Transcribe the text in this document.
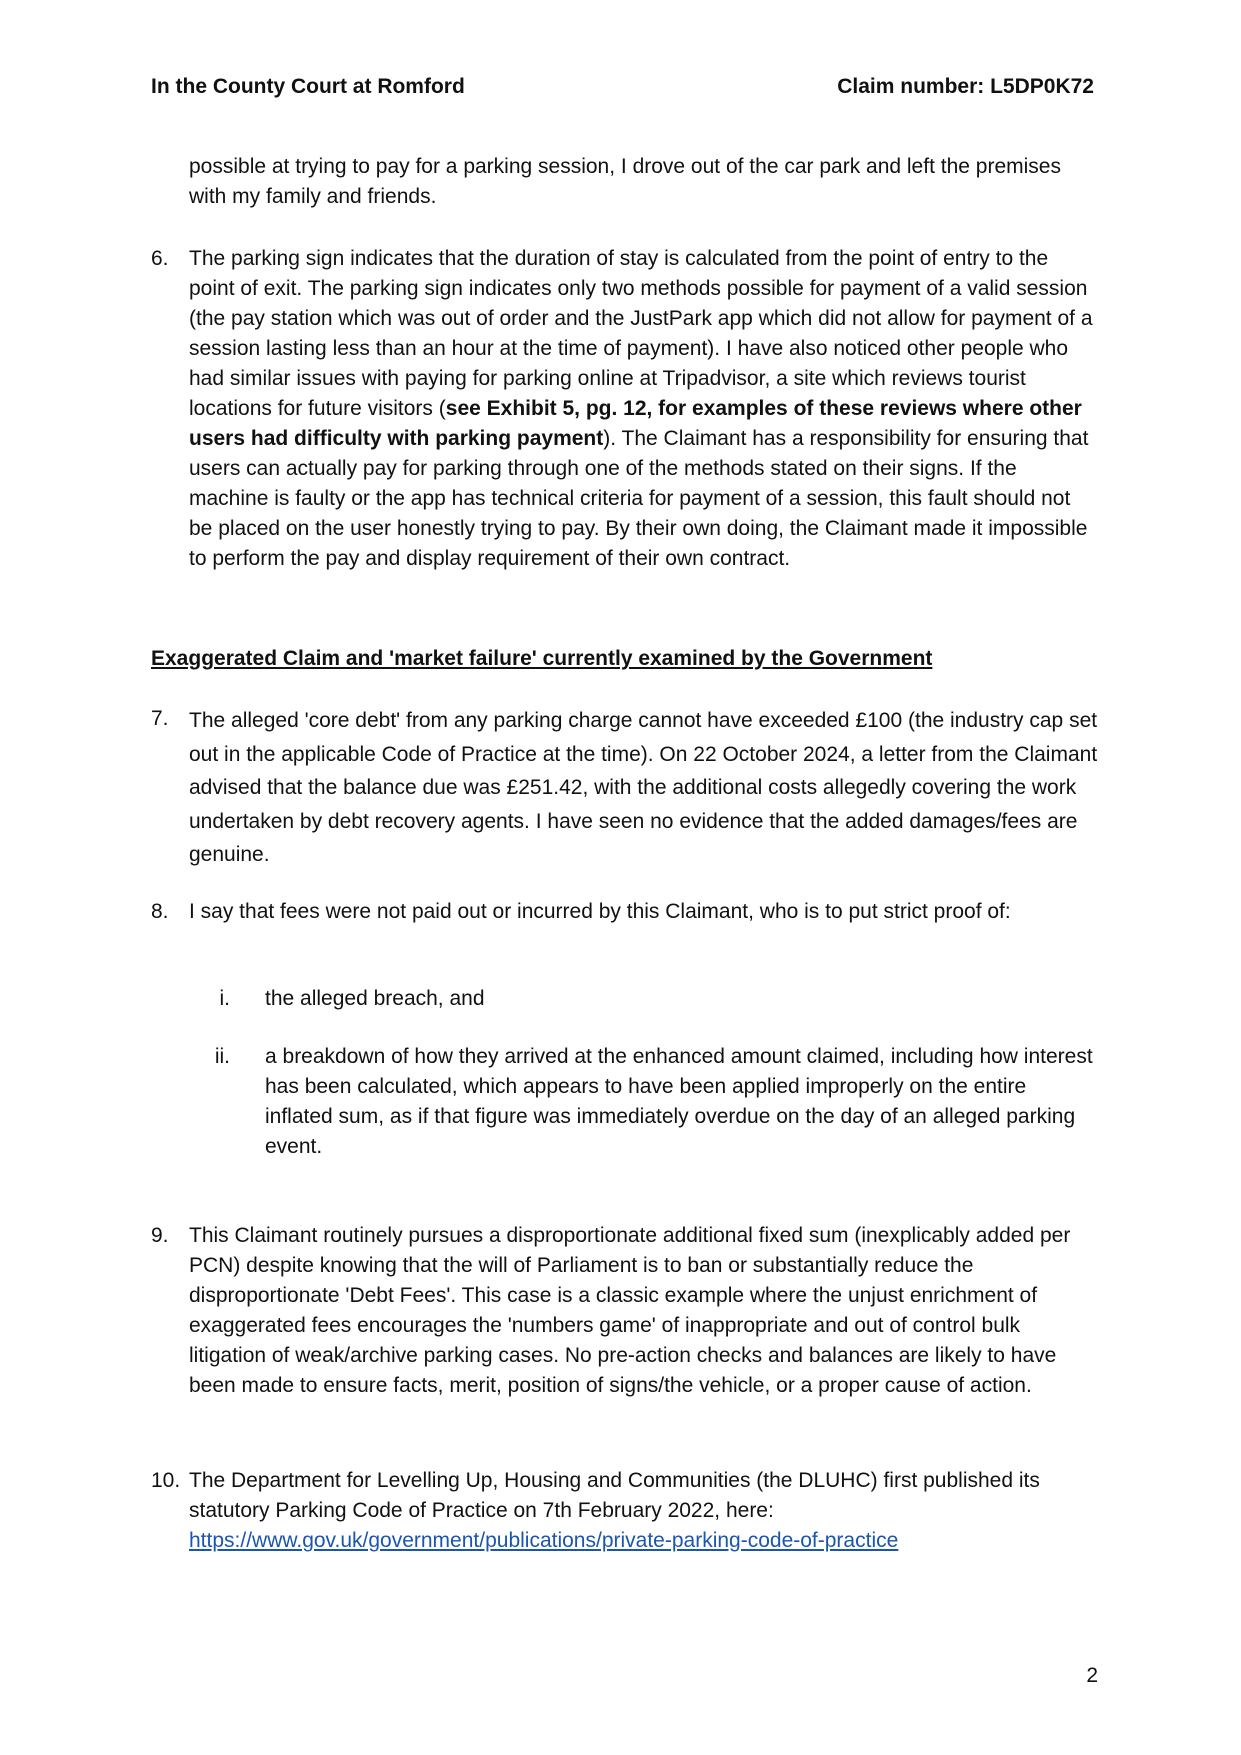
In the County Court at Romford	Claim number: L5DP0K72

possible at trying to pay for a parking session, I drove out of the car park and left the premises with my family and friends.

6. The parking sign indicates that the duration of stay is calculated from the point of entry to the point of exit. The parking sign indicates only two methods possible for payment of a valid session (the pay station which was out of order and the JustPark app which did not allow for payment of a session lasting less than an hour at the time of payment). I have also noticed other people who had similar issues with paying for parking online at Tripadvisor, a site which reviews tourist locations for future visitors (see Exhibit 5, pg. 12, for examples of these reviews where other users had difficulty with parking payment). The Claimant has a responsibility for ensuring that users can actually pay for parking through one of the methods stated on their signs. If the machine is faulty or the app has technical criteria for payment of a session, this fault should not be placed on the user honestly trying to pay. By their own doing, the Claimant made it impossible to perform the pay and display requirement of their own contract.

Exaggerated Claim and 'market failure' currently examined by the Government
7. The alleged 'core debt' from any parking charge cannot have exceeded £100 (the industry cap set out in the applicable Code of Practice at the time). On 22 October 2024, a letter from the Claimant advised that the balance due was £251.42, with the additional costs allegedly covering the work undertaken by debt recovery agents. I have seen no evidence that the added damages/fees are genuine.

8. I say that fees were not paid out or incurred by this Claimant, who is to put strict proof of:

i. the alleged breach, and

ii. a breakdown of how they arrived at the enhanced amount claimed, including how interest has been calculated, which appears to have been applied improperly on the entire inflated sum, as if that figure was immediately overdue on the day of an alleged parking event.

9. This Claimant routinely pursues a disproportionate additional fixed sum (inexplicably added per PCN) despite knowing that the will of Parliament is to ban or substantially reduce the disproportionate 'Debt Fees'. This case is a classic example where the unjust enrichment of exaggerated fees encourages the 'numbers game' of inappropriate and out of control bulk litigation of weak/archive parking cases. No pre-action checks and balances are likely to have been made to ensure facts, merit, position of signs/the vehicle, or a proper cause of action.

10. The Department for Levelling Up, Housing and Communities (the DLUHC) first published its statutory Parking Code of Practice on 7th February 2022, here:
https://www.gov.uk/government/publications/private-parking-code-of-practice

2
